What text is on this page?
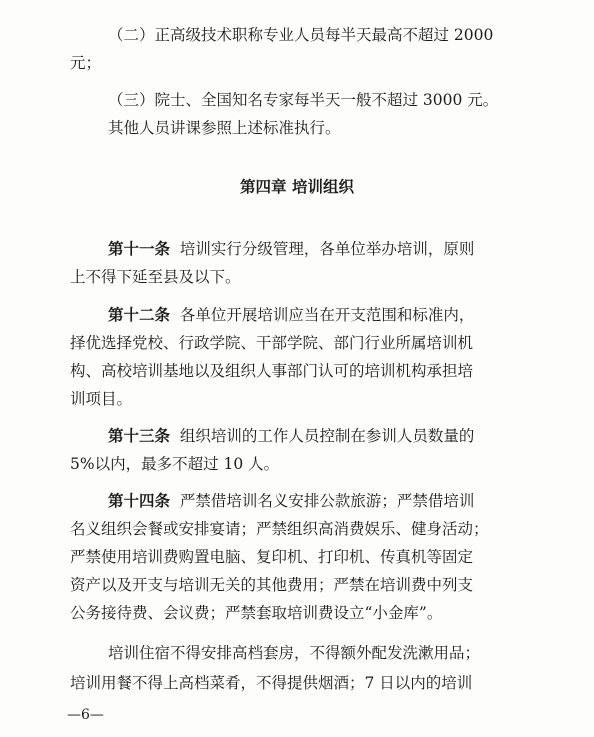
（二）正高级技术职称专业人员每半天最高不超过 2000
元；
（三）院士、全国知名专家每半天一般不超过 3000 元。
其他人员讲课参照上述标准执行。
第四章 培训组织
第十一条 培训实行分级管理，各单位举办培训，原则
上不得下延至县及以下。
第十二条 各单位开展培训应当在开支范围和标准内，
择优选择党校、行政学院、干部学院、部门行业所属培训机
构、高校培训基地以及组织人事部门认可的培训机构承担培
训项目。
第十三条 组织培训的工作人员控制在参训人员数量的
5%以内，最多不超过 10 人。
第十四条 严禁借培训名义安排公款旅游；严禁借培训
名义组织会餐或安排宴请；严禁组织高消费娱乐、健身活动；
严禁使用培训费购置电脑、复印机、打印机、传真机等固定
资产以及开支与培训无关的其他费用；严禁在培训费中列支
公务接待费、会议费；严禁套取培训费设立“小金库”。
培训住宿不得安排高档套房，不得额外配发洗漱用品；
培训用餐不得上高档菜肴，不得提供烟酒；7 日以内的培训
—6—
